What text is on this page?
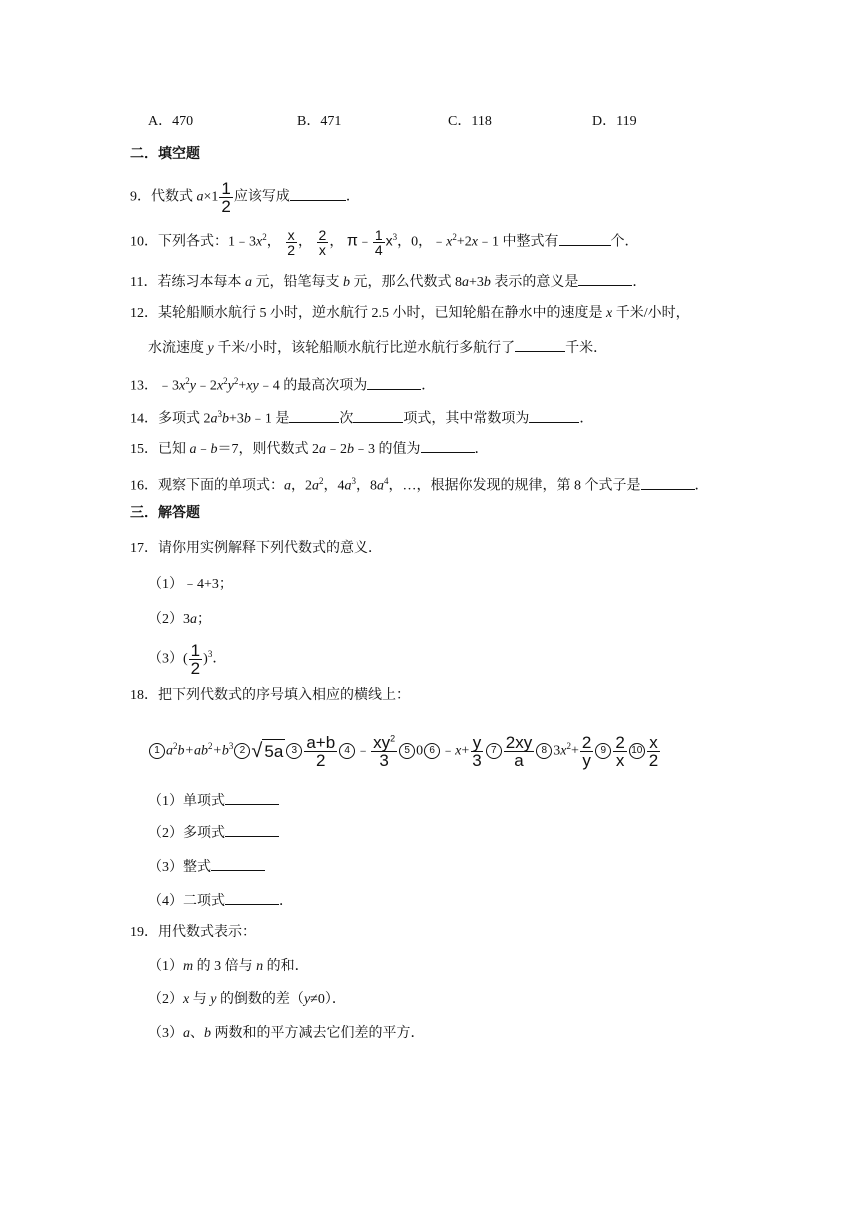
A．470	B．471	C．118	D．119
二．填空题
9．代数式 $a\times 1 \frac{1}{2}$ 应该写成	．
10．下列各式：$1﹣3x^2$， $\frac{x}{2}$ ， $\frac{2}{x}$ ， π﹣ $\frac{1}{4} x^3$，0，$﹣x^2+2x﹣1$ 中整式有	个．
11．若练习本每本 a 元，铅笔每支 b 元，那么代数式 8a+3b 表示的意义是	．
12．某轮船顺水航行 5 小时，逆水航行 2.5 小时，已知轮船在静水中的速度是 x 千米/小时，
水流速度 y 千米/小时，该轮船顺水航行比逆水航行多航行了	千米．
13．$﹣3x^2y﹣2x^2y^2+xy﹣4$ 的最高次项为	．
14．多项式 $2a^3b+3b﹣1$ 是	次	项式，其中常数项为	．
15．已知 a﹣b＝7，则代数式 2a﹣2b﹣3 的值为	．
16．观察下面的单项式：a，$2a^2$，$4a^3$，$8a^4$，…，根据你发现的规律，第 8 个式子是	．
三．解答题
17．请你用实例解释下列代数式的意义．
（1）﹣4+3；
（2）3a；
$(3)( \frac{1}{2} )^3$．
18．把下列代数式的序号填入相应的横线上：
1 $a^2b+ab^2+b^3$ 2 √ 5a $3 \frac{a+b}{2} 4$ ﹣ $\frac{xy^2}{3} 5$ 0 6 ﹣x+ $\frac{y}{3} 7 \frac{2xy}{a} 8$ $3x^2+ \frac{2}{y} 9 \frac{2}{x} 10 \frac{x}{2}$
（1）单项式
（2）多项式
（3）整式
（4）二项式	．
19．用代数式表示：
（1）m 的 3 倍与 n 的和．
（2）x 与 y 的倒数的差（y≠0）．
（3）a、b 两数和的平方减去它们差的平方．
